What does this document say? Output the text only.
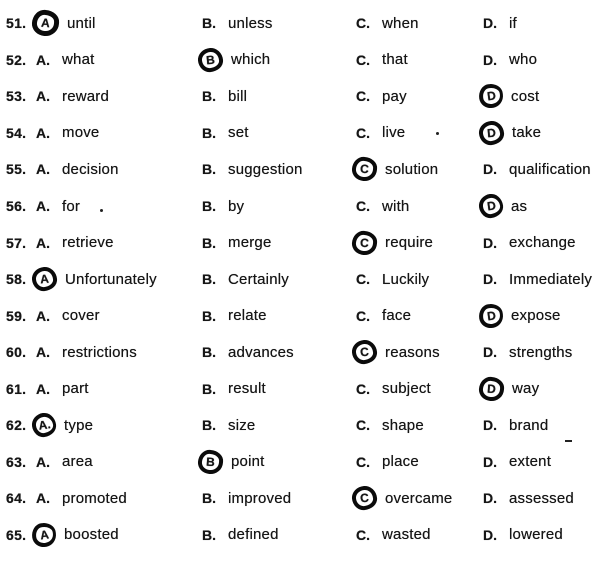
51.	A	until	B. unless	C. when	D. if
52. A. what	B	which	C. that	D. who
53. A. reward	B. bill	C. pay	D cost
54. A. move	B. set	C. live	D	take
55. A. decision	B. suggestion	C	solution	D. qualification
56. A. for	B. by	C. with	D as
57. A. retrieve	B. merge	C	require	D. exchange
58.	A	Unfortunately	B. Certainly	C. Luckily	D. Immediately
59. A. cover	B. relate	C. face	D expose
60. A. restrictions	B. advances	C	reasons	D. strengths
61. A. part	B. result	C. subject	D	way
62. A. type	B. size	C. shape	D. brand
63. A. area	B	point	C. place	D. extent
64. A. promoted	B. improved	C	overcame D. assessed
65.	A boosted	B. defined	C. wasted	D. lowered
